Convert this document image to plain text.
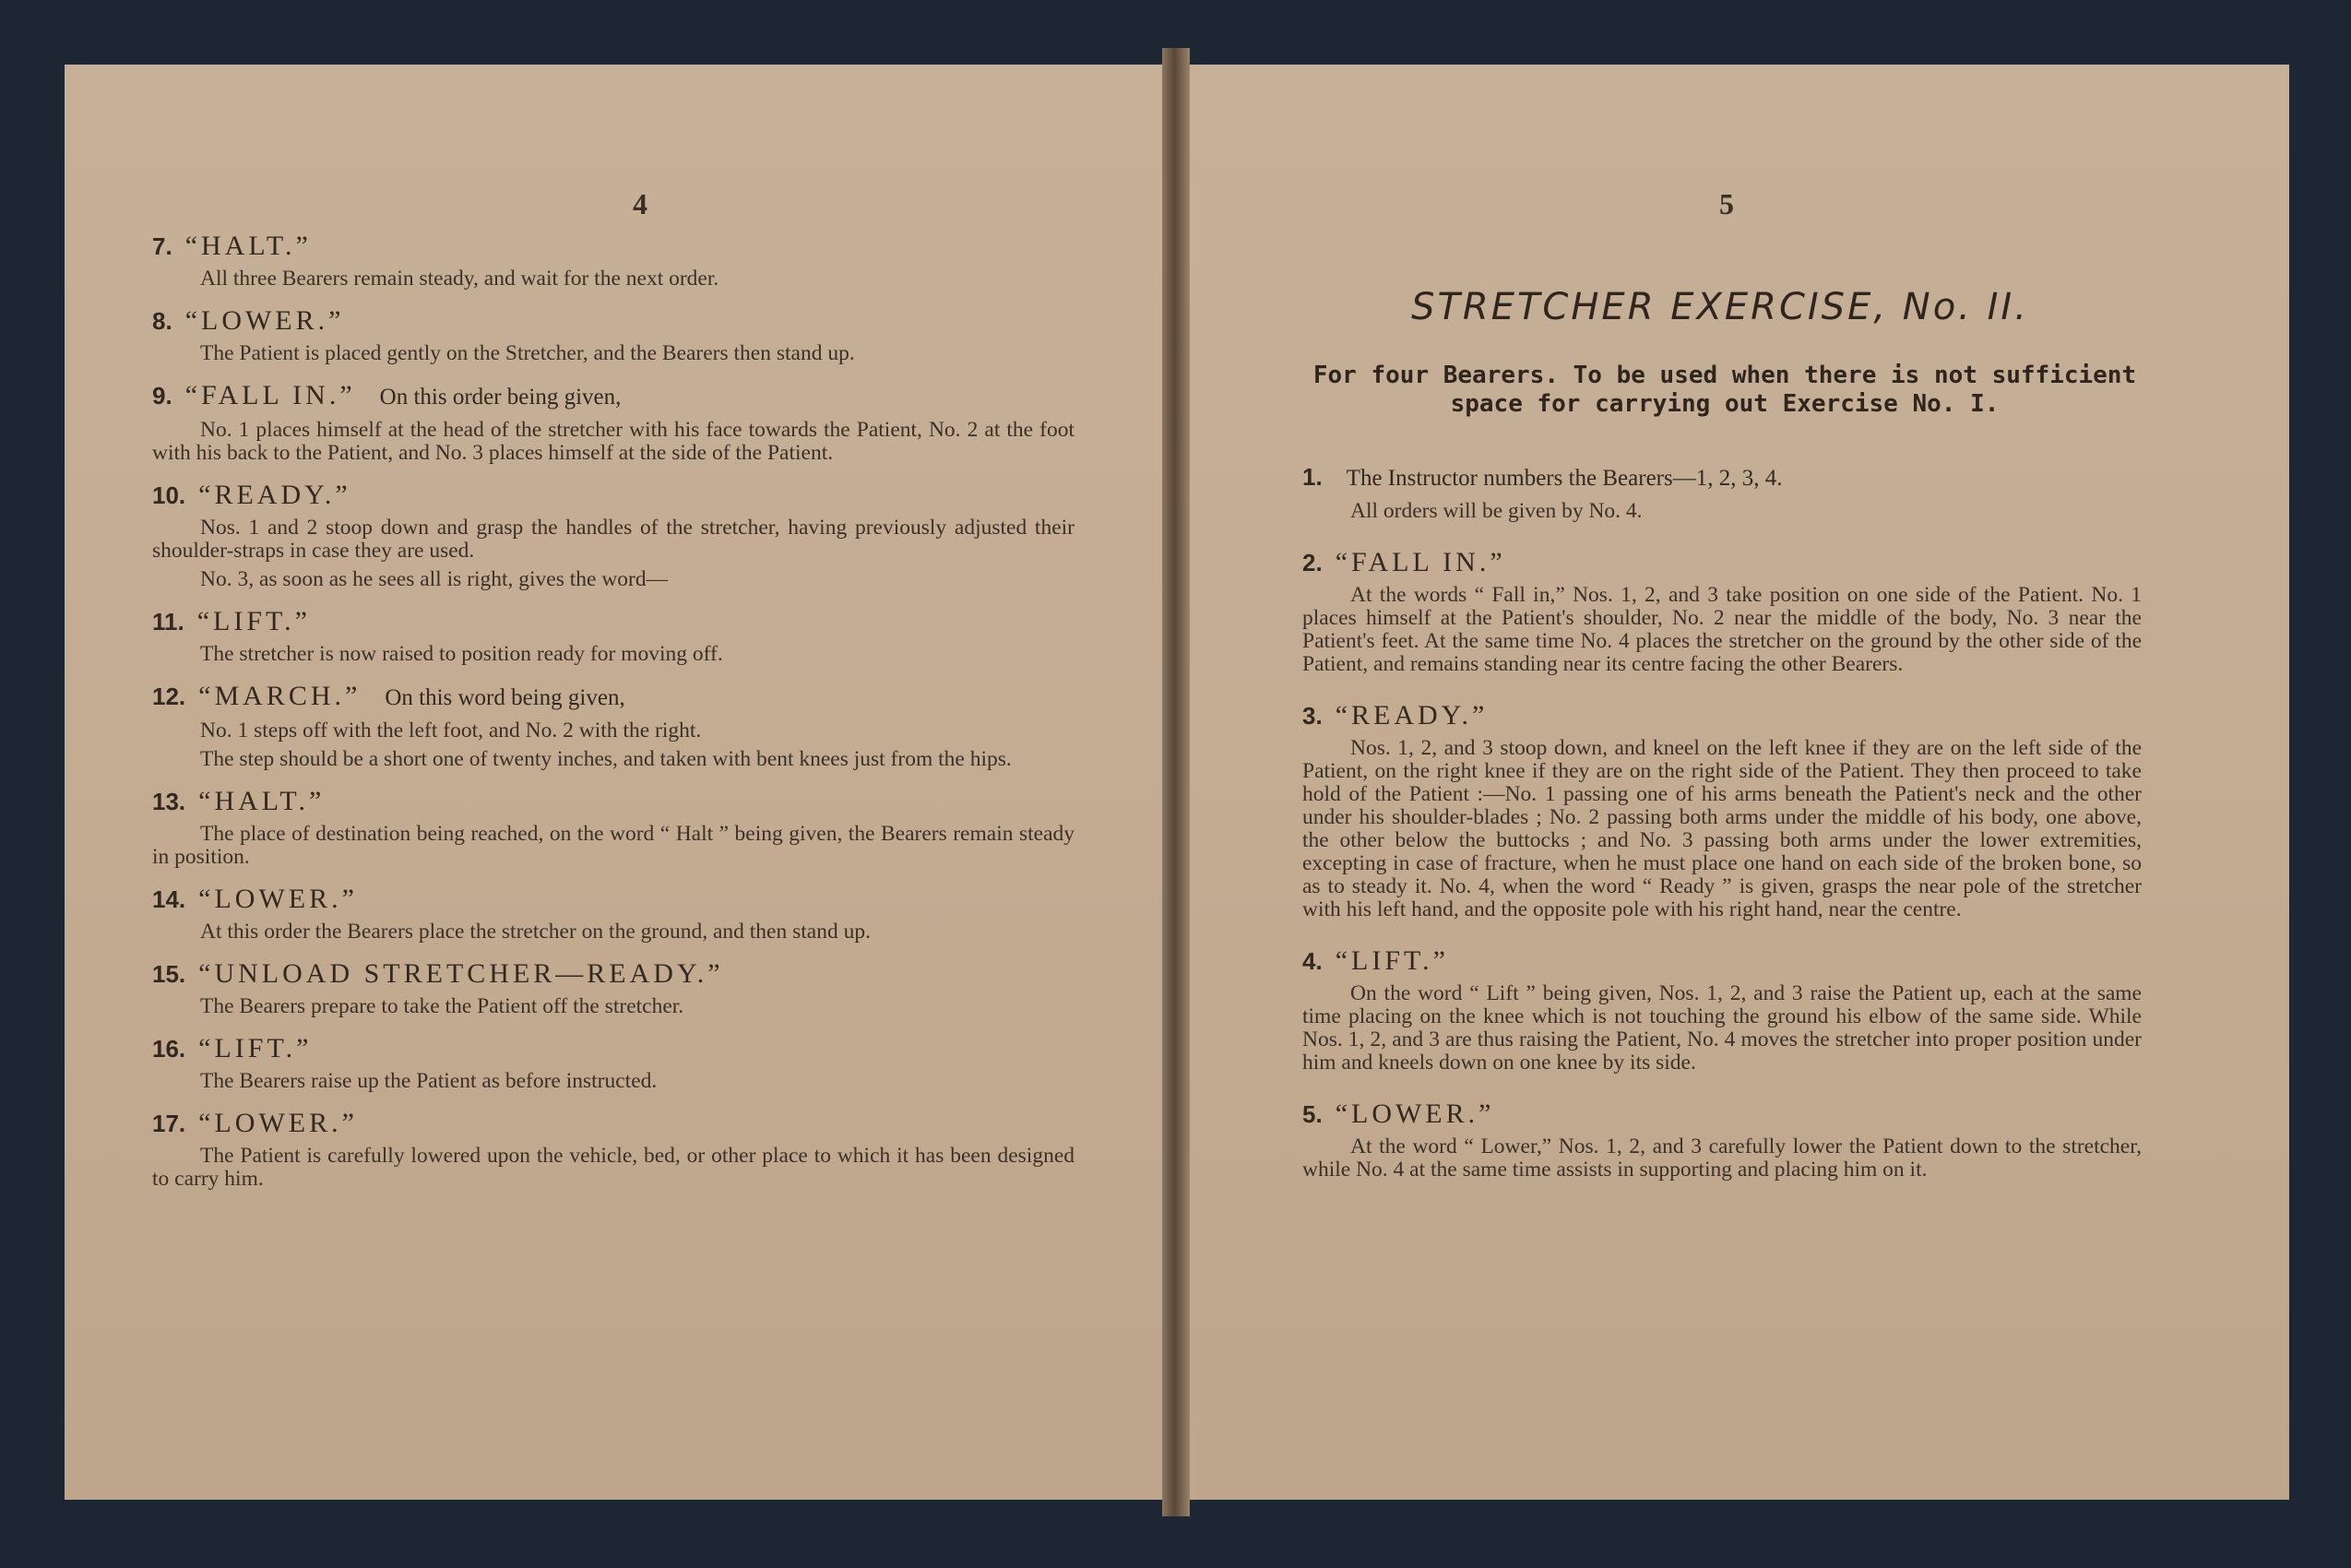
4	5

7. “HALT.”

All three Bearers remain steady, and wait for the next order.

8. “LOWER.”

The Patient is placed gently on the Stretcher, and the Bearers then stand up.

9. “FALL IN.” On this order being given,

No. 1 places himself at the head of the stretcher with his face towards the Patient, No. 2 at the foot with his back to the Patient, and No. 3 places himself at the side of the Patient.

10. “READY.”

Nos. 1 and 2 stoop down and grasp the handles of the stretcher, having previously adjusted their shoulder-straps in case they are used.

No. 3, as soon as he sees all is right, gives the word—

11. “LIFT.”

The stretcher is now raised to position ready for moving off.

12. “MARCH.” On this word being given,

No. 1 steps off with the left foot, and No. 2 with the right.

The step should be a short one of twenty inches, and taken with bent knees just from the hips.

13. “HALT.”

The place of destination being reached, on the word “ Halt ” being given, the Bearers remain steady in position.

14. “LOWER.”

At this order the Bearers place the stretcher on the ground, and then stand up.

15. “UNLOAD STRETCHER—READY.”

The Bearers prepare to take the Patient off the stretcher.

16. “LIFT.”

The Bearers raise up the Patient as before instructed.

17. “LOWER.”

The Patient is carefully lowered upon the vehicle, bed, or other place to which it has been designed to carry him.

STRETCHER EXERCISE, No. II.
For four Bearers. To be used when there is not sufficient space for carrying out Exercise No. I.

1. The Instructor numbers the Bearers—1, 2, 3, 4.

All orders will be given by No. 4.

2. “FALL IN.”

At the words “ Fall in,” Nos. 1, 2, and 3 take position on one side of the Patient. No. 1 places himself at the Patient's shoulder, No. 2 near the middle of the body, No. 3 near the Patient's feet. At the same time No. 4 places the stretcher on the ground by the other side of the Patient, and remains standing near its centre facing the other Bearers.

3. “READY.”

Nos. 1, 2, and 3 stoop down, and kneel on the left knee if they are on the left side of the Patient, on the right knee if they are on the right side of the Patient. They then proceed to take hold of the Patient :—No. 1 passing one of his arms beneath the Patient's neck and the other under his shoulder-blades ; No. 2 passing both arms under the middle of his body, one above, the other below the buttocks ; and No. 3 passing both arms under the lower extremities, excepting in case of fracture, when he must place one hand on each side of the broken bone, so as to steady it. No. 4, when the word “ Ready ” is given, grasps the near pole of the stretcher with his left hand, and the opposite pole with his right hand, near the centre.

4. “LIFT.”

On the word “ Lift ” being given, Nos. 1, 2, and 3 raise the Patient up, each at the same time placing on the knee which is not touching the ground his elbow of the same side. While Nos. 1, 2, and 3 are thus raising the Patient, No. 4 moves the stretcher into proper position under him and kneels down on one knee by its side.

5. “LOWER.”

At the word “ Lower,” Nos. 1, 2, and 3 carefully lower the Patient down to the stretcher, while No. 4 at the same time assists in supporting and placing him on it.
